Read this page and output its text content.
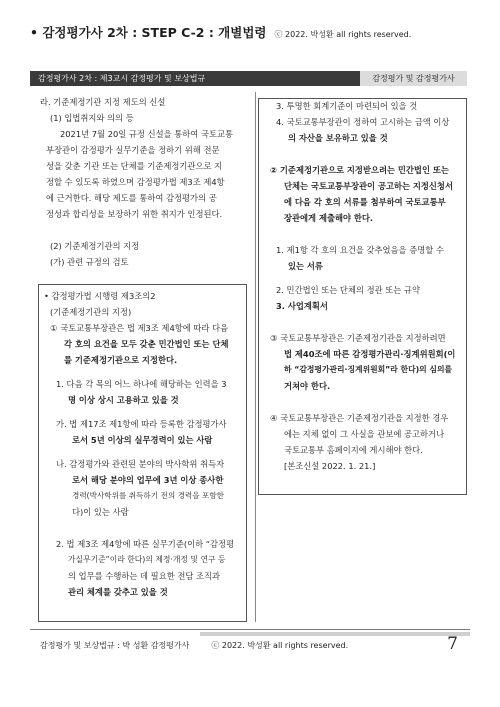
• 감정평가사 2차 : STEP C-2 : 개별법령 ⓒ 2022. 박성환 all rights reserved.
감정평가사 2차 : 제3교시 감정평가 및 보상법규	감정평가 및 감정평가사

라. 기준제정기관 지정 제도의 신설

(1) 입법취지와 의의 등

2021년 7월 20일 규정 신설을 통하여 국토교통

부장관이 감정평가 실무기준을 정하기 위해 전문

성을 갖춘 기관 또는 단체를 기준제정기관으로 지

정할 수 있도록 하였으며 감정평가법 제3조 제4항

에 근거한다. 해당 제도를 통하여 감정평가의 공

정성과 합리성을 보장하기 위한 취지가 인정된다.

(2) 기준제정기관의 지정

(가) 관련 규정의 검토

• 감정평가법 시행령 제3조의2

(기준제정기관의 지정)

① 국토교통부장관은 법 제3조 제4항에 따라 다음

각 호의 요건을 모두 갖춘 민간법인 또는 단체

를 기준제정기관으로 지정한다.

1. 다음 각 목의 어느 하나에 해당하는 인력을 3

명 이상 상시 고용하고 있을 것

가. 법 제17조 제1항에 따라 등록한 감정평가사

로서 5년 이상의 실무경력이 있는 사람

나. 감정평가와 관련된 분야의 박사학위 취득자

로서 해당 분야의 업무에 3년 이상 종사한

경력(박사학위를 취득하기 전의 경력을 포함한

다)이 있는 사람

2. 법 제3조 제4항에 따른 실무기준(이하 “감정평

가실무기준”이라 한다)의 제정·개정 및 연구 등

의 업무를 수행하는 데 필요한 전담 조직과

관리 체계를 갖추고 있을 것

3. 투명한 회계기준이 마련되어 있을 것

4. 국토교통부장관이 정하여 고시하는 금액 이상

의 자산을 보유하고 있을 것

② 기준제정기관으로 지정받으려는 민간법인 또는

단체는 국토교통부장관이 공고하는 지정신청서

에 다음 각 호의 서류를 첨부하여 국토교통부

장관에게 제출해야 한다.

1. 제1항 각 호의 요건을 갖추었음을 증명할 수

있는 서류

2. 민간법인 또는 단체의 정관 또는 규약

3. 사업계획서

③ 국토교통부장관은 기준제정기관을 지정하려면

법 제40조에 따른 감정평가관리·징계위원회(이

하 “감정평가관리·징계위원회”라 한다)의 심의를

거쳐야 한다.

④ 국토교통부장관은 기준제정기관을 지정한 경우

에는 지체 없이 그 사실을 관보에 공고하거나

국토교통부 홈페이지에 게시해야 한다.

[본조신설 2022. 1. 21.]

감정평가 및 보상법규 : 박 성환 감정평가사	ⓒ 2022. 박성환 all rights reserved.	7
